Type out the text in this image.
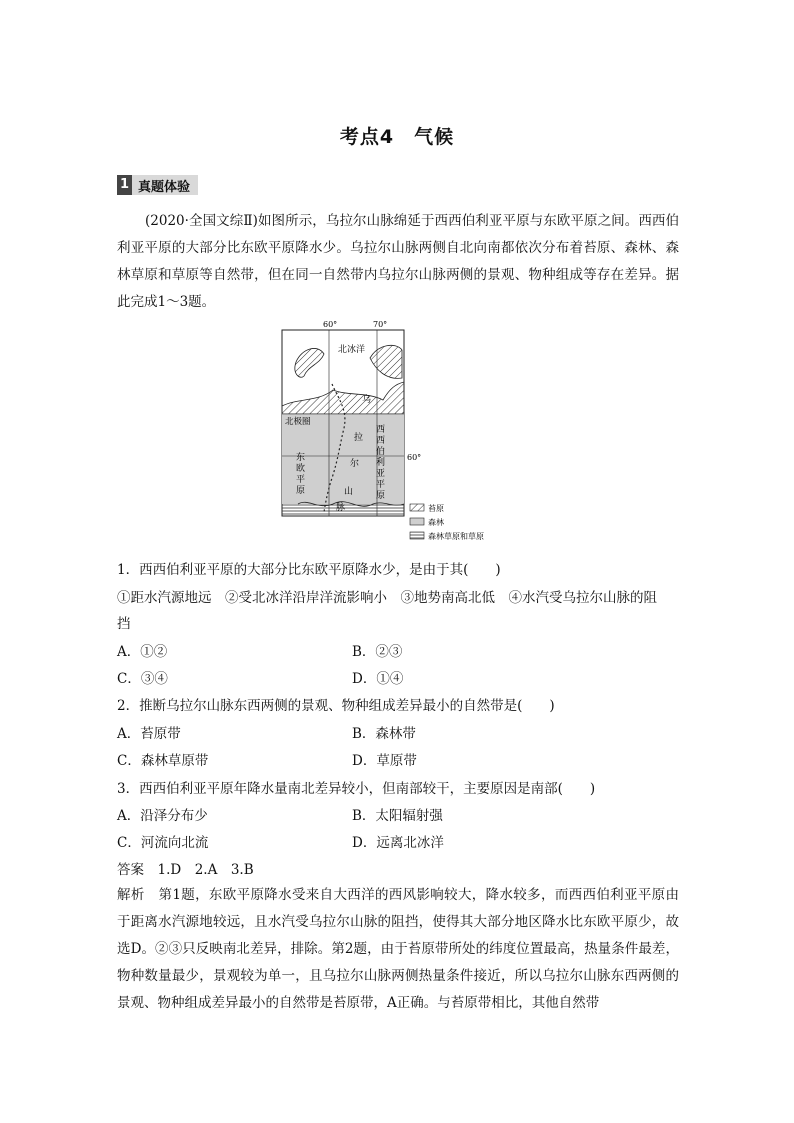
考点4　气候
1 真题体验
(2020·全国文综Ⅱ)如图所示，乌拉尔山脉绵延于西西伯利亚平原与东欧平原之间。西西伯利亚平原的大部分比东欧平原降水少。乌拉尔山脉两侧自北向南都依次分布着苔原、森林、森林草原和草原等自然带，但在同一自然带内乌拉尔山脉两侧的景观、物种组成等存在差异。据此完成1～3题。
60°	70°
60°
北冰洋
北极圈
乌
拉
尔
山
脉
东
欧
平
原
西
西
伯
利
亚
平
原
苔原
森林
森林草原和草原
1．西西伯利亚平原的大部分比东欧平原降水少，是由于其(　　)
①距水汽源地远　②受北冰洋沿岸洋流影响小　③地势南高北低　④水汽受乌拉尔山脉的阻
挡
A．①②	B．②③
C．③④	D．①④
2．推断乌拉尔山脉东西两侧的景观、物种组成差异最小的自然带是(　　)
A．苔原带	B．森林带
C．森林草原带	D．草原带
3．西西伯利亚平原年降水量南北差异较小，但南部较干，主要原因是南部(　　)
A．沿泽分布少	B．太阳辐射强
C．河流向北流	D．远离北冰洋
答案　1.D　2.A　3.B
解析　第1题，东欧平原降水受来自大西洋的西风影响较大，降水较多，而西西伯利亚平原由于距离水汽源地较远，且水汽受乌拉尔山脉的阻挡，使得其大部分地区降水比东欧平原少，故选D。②③只反映南北差异，排除。第2题，由于苔原带所处的纬度位置最高，热量条件最差，物种数量最少，景观较为单一，且乌拉尔山脉两侧热量条件接近，所以乌拉尔山脉东西两侧的景观、物种组成差异最小的自然带是苔原带，A正确。与苔原带相比，其他自然带
